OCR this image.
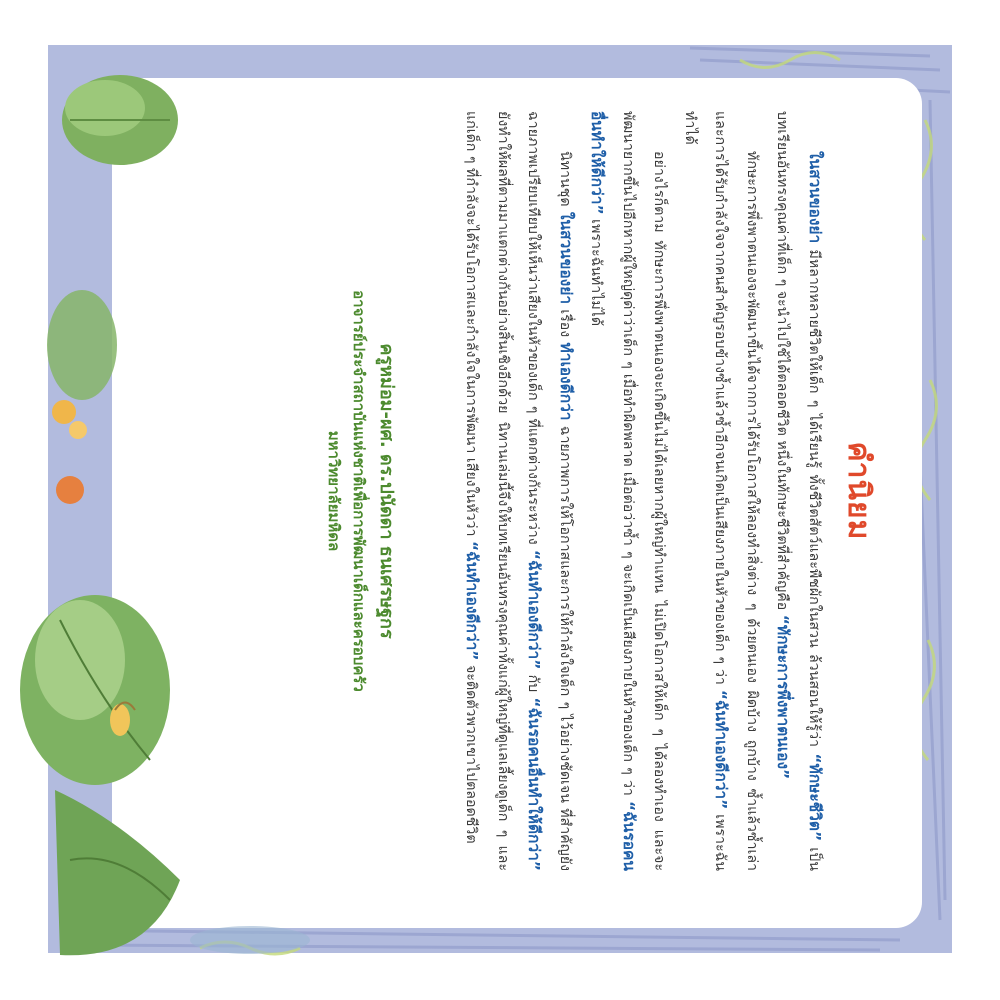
คำนิยม

ในสวนของย่า มีหลากหลายชีวิตให้เด็ก ๆ ได้เรียนรู้ ทั้งชีวิตสัตว์และพืชผักในสวน ล้วนสอนให้รู้ว่า “ทักษะชีวิต” เป็นบทเรียนอันทรงคุณค่าที่เด็ก ๆ จะนำไปใช้ได้ตลอดชีวิต หนึ่งในทักษะชีวิตที่สำคัญคือ “ทักษะการพึ่งพาตนเอง”

ทักษะการพึ่งพาตนเองจะพัฒนาขึ้นได้จากการได้รับโอกาสให้ลองทำสิ่งต่าง ๆ ด้วยตนเอง ผิดบ้าง ถูกบ้าง ซ้ำแล้วซ้ำเล่า และการได้รับกำลังใจจากคนสำคัญรอบข้างซ้ำแล้วซ้ำอีกจนเกิดเป็นเสียงภายในหัวของเด็ก ๆ ว่า “ฉันทำเองดีกว่า” เพราะฉันทำได้

อย่างไรก็ตาม ทักษะการพึ่งพาตนเองจะเกิดขึ้นไม่ได้เลยหากผู้ใหญ่ทำแทน ไม่เปิดโอกาสให้เด็ก ๆ ได้ลองทำเอง และจะพัฒนายากขึ้นไปอีกหากผู้ใหญ่ดุด่าว่าเด็ก ๆ เมื่อทำผิดพลาด เมื่อต่อว่าซ้ำ ๆ จะเกิดเป็นเสียงภายในหัวของเด็ก ๆ ว่า “ฉันรอคนอื่นทำให้ดีกว่า” เพราะฉันทำไม่ได้

นิทานชุด ในสวนของย่า เรื่อง ทำเองดีกว่า ฉายภาพการให้โอกาสและการให้กำลังใจเด็ก ๆ ไว้อย่างชัดเจน ที่สำคัญยังฉายภาพเปรียบเทียบให้เห็นว่าเสียงในหัวของเด็ก ๆ ที่แตกต่างกันระหว่าง “ฉันทำเองดีกว่า” กับ “ฉันรอคนอื่นทำให้ดีกว่า” ยังทำให้ผลที่ตามมาแตกต่างกันอย่างสิ้นเชิงอีกด้วย นิทานเล่มนี้จึงให้บทเรียนอันทรงคุณค่าทั้งแก่ผู้ใหญ่ที่ดูแลเลี้ยงดูเด็ก ๆ และแก่เด็ก ๆ ที่กำลังจะได้รับโอกาสและกำลังใจในการพัฒนา เสียงในหัวว่า “ฉันทำเองดีกว่า” จะติดตัวพวกเขาไปตลอดชีวิต

ครูหม่อม-ผศ. ดร.ปนัดดา ธนเศรษฐกร
อาจารย์ประจำสถาบันแห่งชาติเพื่อการพัฒนาเด็กและครอบครัว
มหาวิทยาลัยมหิดล
